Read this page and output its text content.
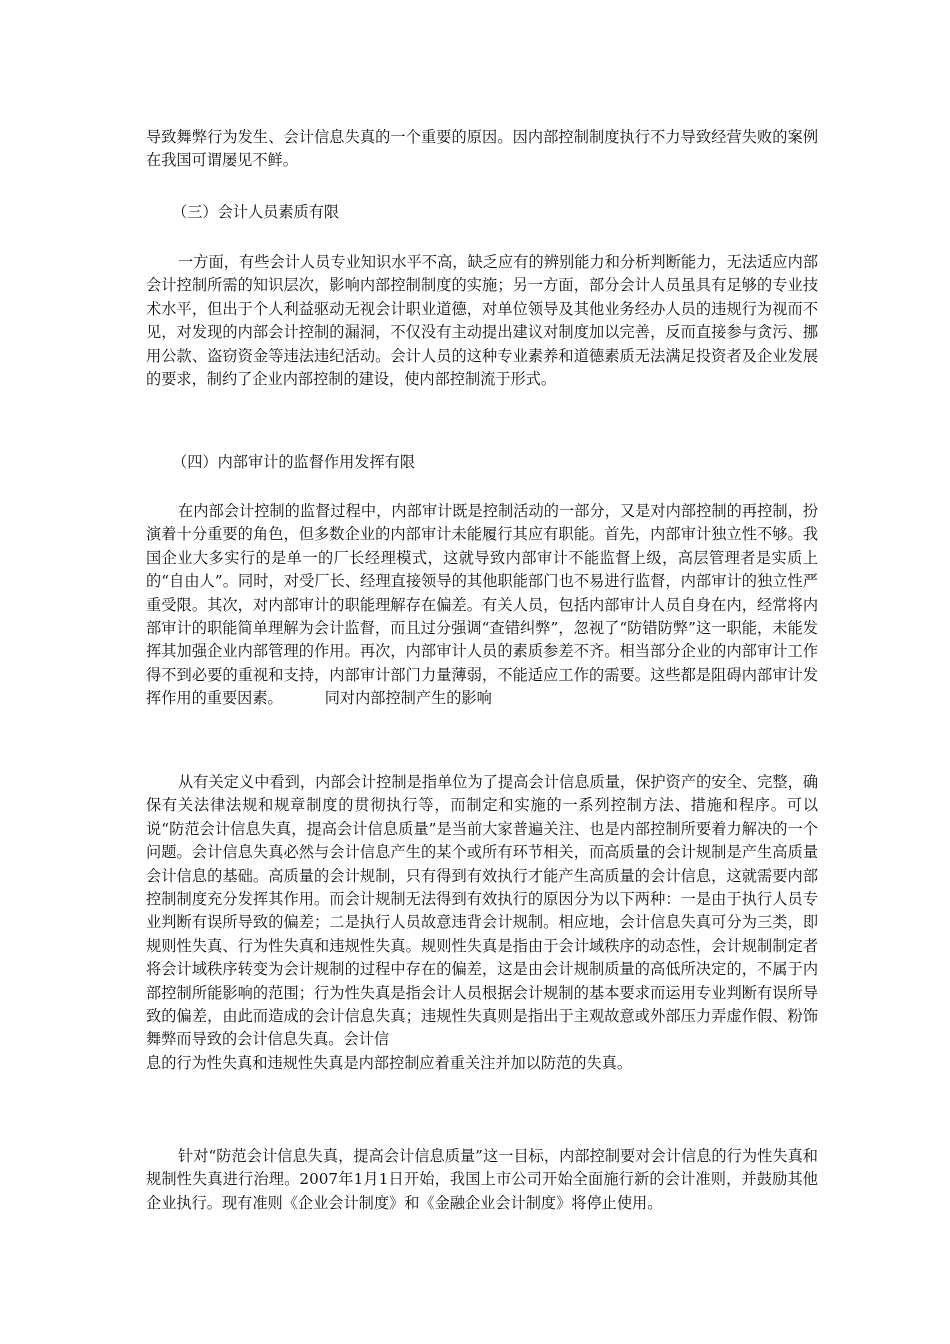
导致舞弊行为发生、会计信息失真的一个重要的原因。因内部控制制度执行不力导致经营失败的案例在我国可谓屡见不鲜。

（三）会计人员素质有限

一方面，有些会计人员专业知识水平不高，缺乏应有的辨别能力和分析判断能力，无法适应内部会计控制所需的知识层次，影响内部控制制度的实施；另一方面，部分会计人员虽具有足够的专业技术水平，但出于个人利益驱动无视会计职业道德，对单位领导及其他业务经办人员的违规行为视而不见，对发现的内部会计控制的漏洞，不仅没有主动提出建议对制度加以完善，反而直接参与贪污、挪用公款、盗窃资金等违法违纪活动。会计人员的这种专业素养和道德素质无法满足投资者及企业发展的要求，制约了企业内部控制的建设，使内部控制流于形式。

（四）内部审计的监督作用发挥有限

在内部会计控制的监督过程中，内部审计既是控制活动的一部分，又是对内部控制的再控制，扮演着十分重要的角色，但多数企业的内部审计未能履行其应有职能。首先，内部审计独立性不够。我国企业大多实行的是单一的厂长经理模式，这就导致内部审计不能监督上级，高层管理者是实质上的“自由人”。同时，对受厂长、经理直接领导的其他职能部门也不易进行监督，内部审计的独立性严重受限。其次，对内部审计的职能理解存在偏差。有关人员，包括内部审计人员自身在内，经常将内部审计的职能简单理解为会计监督，而且过分强调“查错纠弊”，忽视了“防错防弊”这一职能，未能发挥其加强企业内部管理的作用。再次，内部审计人员的素质参差不齐。相当部分企业的内部审计工作得不到必要的重视和支持，内部审计部门力量薄弱，不能适应工作的需要。这些都是阻碍内部审计发挥作用的重要因素。	同对内部控制产生的影响

从有关定义中看到，内部会计控制是指单位为了提高会计信息质量，保护资产的安全、完整，确保有关法律法规和规章制度的贯彻执行等，而制定和实施的一系列控制方法、措施和程序。可以说“防范会计信息失真，提高会计信息质量”是当前大家普遍关注、也是内部控制所要着力解决的一个问题。会计信息失真必然与会计信息产生的某个或所有环节相关，而高质量的会计规制是产生高质量会计信息的基础。高质量的会计规制，只有得到有效执行才能产生高质量的会计信息，这就需要内部控制制度充分发挥其作用。而会计规制无法得到有效执行的原因分为以下两种：一是由于执行人员专业判断有误所导致的偏差；二是执行人员故意违背会计规制。相应地，会计信息失真可分为三类，即规则性失真、行为性失真和违规性失真。规则性失真是指由于会计域秩序的动态性，会计规制制定者将会计域秩序转变为会计规制的过程中存在的偏差，这是由会计规制质量的高低所决定的，不属于内部控制所能影响的范围；行为性失真是指会计人员根据会计规制的基本要求而运用专业判断有误所导致的偏差，由此而造成的会计信息失真；违规性失真则是指出于主观故意或外部压力弄虚作假、粉饰舞弊而导致的会计信息失真。会计信
息的行为性失真和违规性失真是内部控制应着重关注并加以防范的失真。

针对“防范会计信息失真，提高会计信息质量”这一目标，内部控制要对会计信息的行为性失真和规制性失真进行治理。2007年1月1日开始，我国上市公司开始全面施行新的会计准则，并鼓励其他企业执行。现有准则《企业会计制度》和《金融企业会计制度》将停止使用。
